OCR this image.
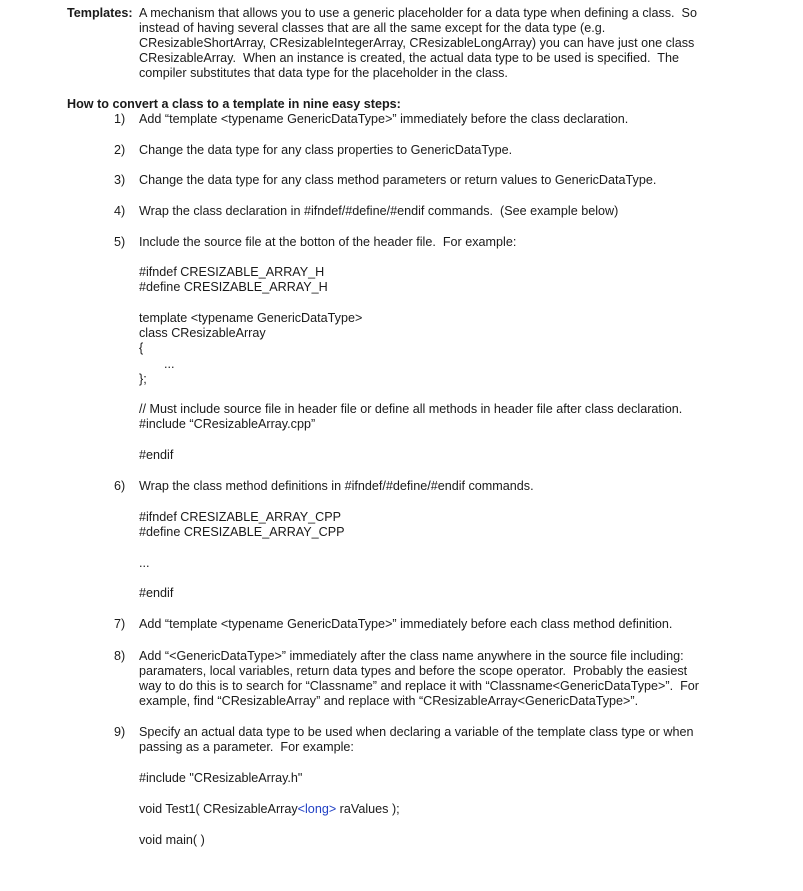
Templates: A mechanism that allows you to use a generic placeholder for a data type when defining a class.  So
instead of having several classes that are all the same except for the data type (e.g.
CResizableShortArray, CResizableIntegerArray, CResizableLongArray) you can have just one class
CResizableArray.  When an instance is created, the actual data type to be used is specified.  The
compiler substitutes that data type for the placeholder in the class.
How to convert a class to a template in nine easy steps:
1) Add “template <typename GenericDataType>” immediately before the class declaration.
2) Change the data type for any class properties to GenericDataType.
3) Change the data type for any class method parameters or return values to GenericDataType.
4) Wrap the class declaration in #ifndef/#define/#endif commands.  (See example below)
5) Include the source file at the botton of the header file.  For example:
#ifndef CRESIZABLE_ARRAY_H
#define CRESIZABLE_ARRAY_H
template <typename GenericDataType>
class CResizableArray
{
...
};
// Must include source file in header file or define all methods in header file after class declaration.
#include “CResizableArray.cpp”
#endif
6) Wrap the class method definitions in #ifndef/#define/#endif commands.
#ifndef CRESIZABLE_ARRAY_CPP
#define CRESIZABLE_ARRAY_CPP
...
#endif
7) Add “template <typename GenericDataType>” immediately before each class method definition.
8) Add “<GenericDataType>” immediately after the class name anywhere in the source file including:
paramaters, local variables, return data types and before the scope operator.  Probably the easiest
way to do this is to search for “Classname” and replace it with “Classname<GenericDataType>”.  For
example, find “CResizableArray” and replace with “CResizableArray<GenericDataType>”.
9) Specify an actual data type to be used when declaring a variable of the template class type or when
passing as a parameter.  For example:
#include "CResizableArray.h"
void Test1( CResizableArray<long> raValues );
void main( )
